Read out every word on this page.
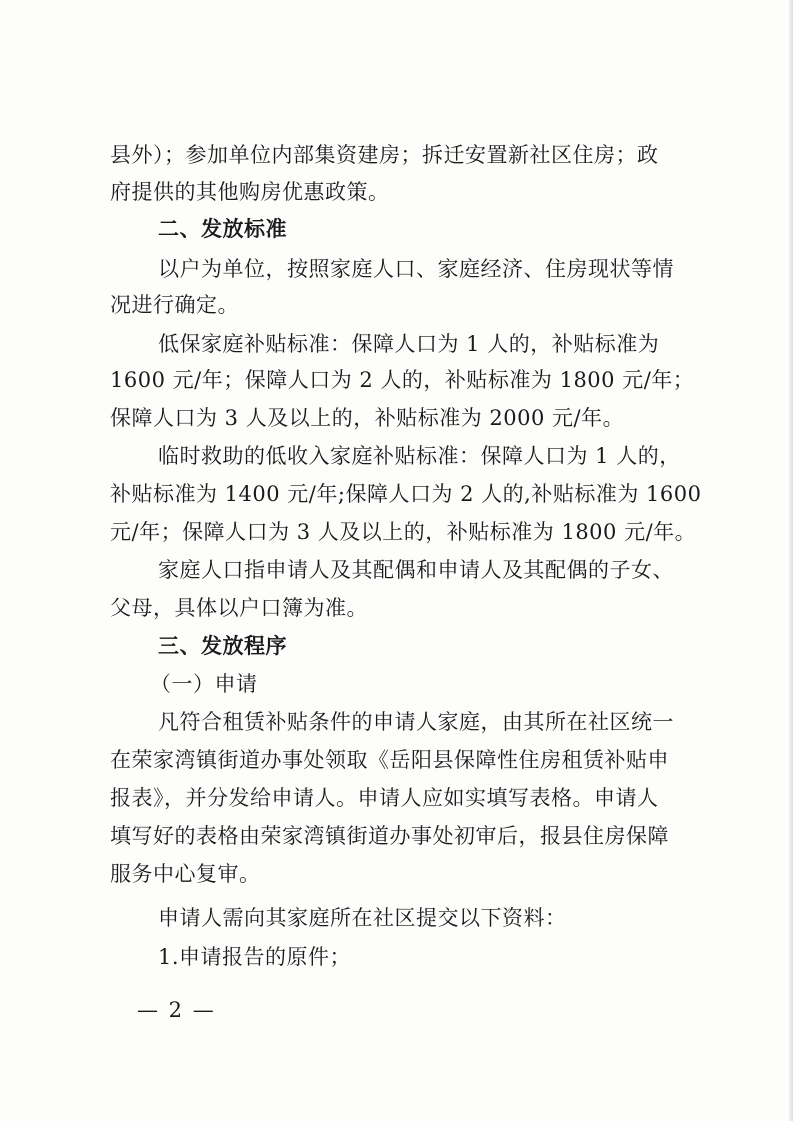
县外）；参加单位内部集资建房；拆迁安置新社区住房；政
府提供的其他购房优惠政策。
二、发放标准
以户为单位，按照家庭人口、家庭经济、住房现状等情
况进行确定。
低保家庭补贴标准：保障人口为 1 人的，补贴标准为
1600 元/年；保障人口为 2 人的，补贴标准为 1800 元/年；
保障人口为 3 人及以上的，补贴标准为 2000 元/年。
临时救助的低收入家庭补贴标准：保障人口为 1 人的，
补贴标准为 1400 元/年;保障人口为 2 人的,补贴标准为 1600
元/年；保障人口为 3 人及以上的，补贴标准为 1800 元/年。
家庭人口指申请人及其配偶和申请人及其配偶的子女、
父母，具体以户口簿为准。
三、发放程序
（一）申请
凡符合租赁补贴条件的申请人家庭，由其所在社区统一
在荣家湾镇街道办事处领取《岳阳县保障性住房租赁补贴申
报表》，并分发给申请人。申请人应如实填写表格。申请人
填写好的表格由荣家湾镇街道办事处初审后，报县住房保障
服务中心复审。
申请人需向其家庭所在社区提交以下资料：
1.申请报告的原件；
— 2 —
